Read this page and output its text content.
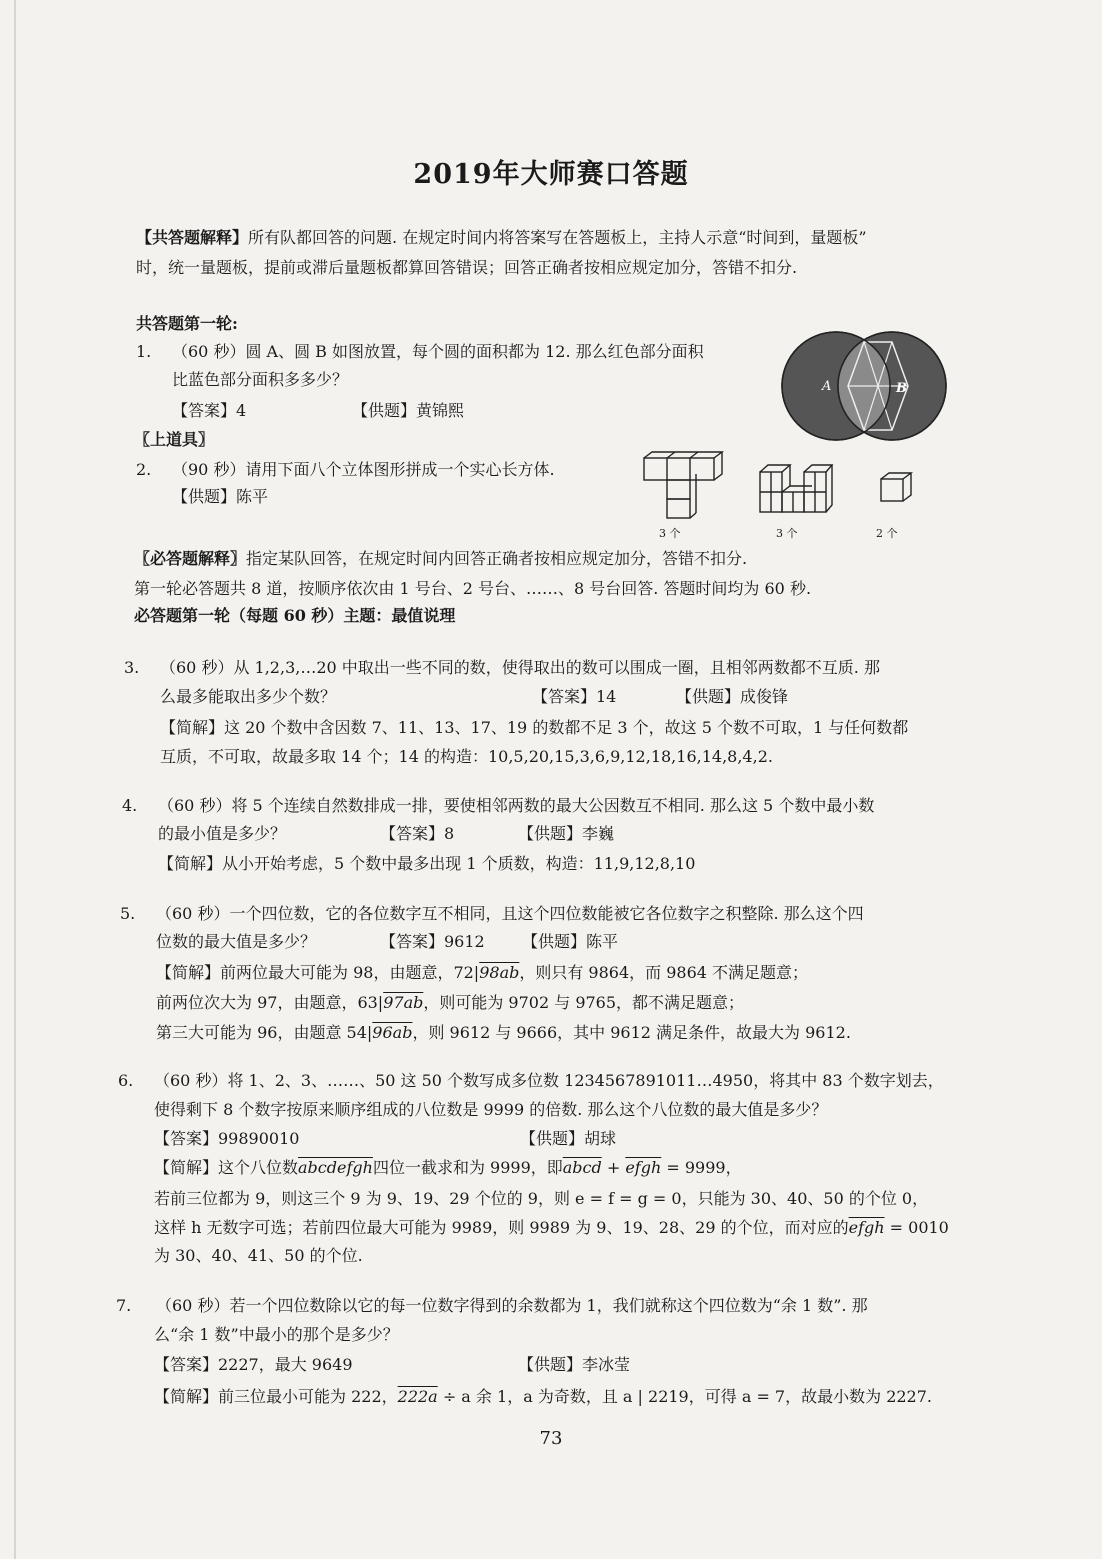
2019年大师赛口答题
【共答题解释】所有队都回答的问题. 在规定时间内将答案写在答题板上，主持人示意“时间到，量题板”
时，统一量题板，提前或滞后量题板都算回答错误；回答正确者按相应规定加分，答错不扣分.
共答题第一轮:
1. （60 秒）圆 A、圆 B 如图放置，每个圆的面积都为 12. 那么红色部分面积
比蓝色部分面积多多少？
【答案】4	【供题】黄锦熙
A	B
〖上道具〗
2. （90 秒）请用下面八个立体图形拼成一个实心长方体.
【供题】陈平
3 个	3 个	2 个
〖必答题解释〗指定某队回答，在规定时间内回答正确者按相应规定加分，答错不扣分.
第一轮必答题共 8 道，按顺序依次由 1 号台、2 号台、……、8 号台回答. 答题时间均为 60 秒.
必答题第一轮（每题 60 秒）主题：最值说理
3. （60 秒）从 1,2,3,…20 中取出一些不同的数，使得取出的数可以围成一圈，且相邻两数都不互质. 那
么最多能取出多少个数？	【答案】14	【供题】成俊锋
【简解】这 20 个数中含因数 7、11、13、17、19 的数都不足 3 个，故这 5 个数不可取，1 与任何数都
互质，不可取，故最多取 14 个；14 的构造：10,5,20,15,3,6,9,12,18,16,14,8,4,2.
4. （60 秒）将 5 个连续自然数排成一排，要使相邻两数的最大公因数互不相同. 那么这 5 个数中最小数
的最小值是多少？	【答案】8	【供题】李巍
【简解】从小开始考虑，5 个数中最多出现 1 个质数，构造：11,9,12,8,10
5. （60 秒）一个四位数，它的各位数字互不相同，且这个四位数能被它各位数字之积整除. 那么这个四
位数的最大值是多少？	【答案】9612 【供题】陈平
【简解】前两位最大可能为 98，由题意，72|98ab，则只有 9864，而 9864 不满足题意；
前两位次大为 97，由题意，63|97ab，则可能为 9702 与 9765，都不满足题意；
第三大可能为 96，由题意 54|96ab，则 9612 与 9666，其中 9612 满足条件，故最大为 9612.
6. （60 秒）将 1、2、3、……、50 这 50 个数写成多位数 1234567891011…4950，将其中 83 个数字划去，
使得剩下 8 个数字按原来顺序组成的八位数是 9999 的倍数. 那么这个八位数的最大值是多少？
【答案】99890010	【供题】胡球
【简解】这个八位数abcdefgh四位一截求和为 9999，即abcd + efgh = 9999，
若前三位都为 9，则这三个 9 为 9、19、29 个位的 9，则 e = f = g = 0，只能为 30、40、50 的个位 0，
这样 h 无数字可选；若前四位最大可能为 9989，则 9989 为 9、19、28、29 的个位，而对应的efgh = 0010
为 30、40、41、50 的个位.
7. （60 秒）若一个四位数除以它的每一位数字得到的余数都为 1，我们就称这个四位数为“余 1 数”. 那
么“余 1 数”中最小的那个是多少？
【答案】2227，最大 9649	【供题】李冰莹
【简解】前三位最小可能为 222，222a ÷ a 余 1，a 为奇数，且 a | 2219，可得 a = 7，故最小数为 2227.
73
